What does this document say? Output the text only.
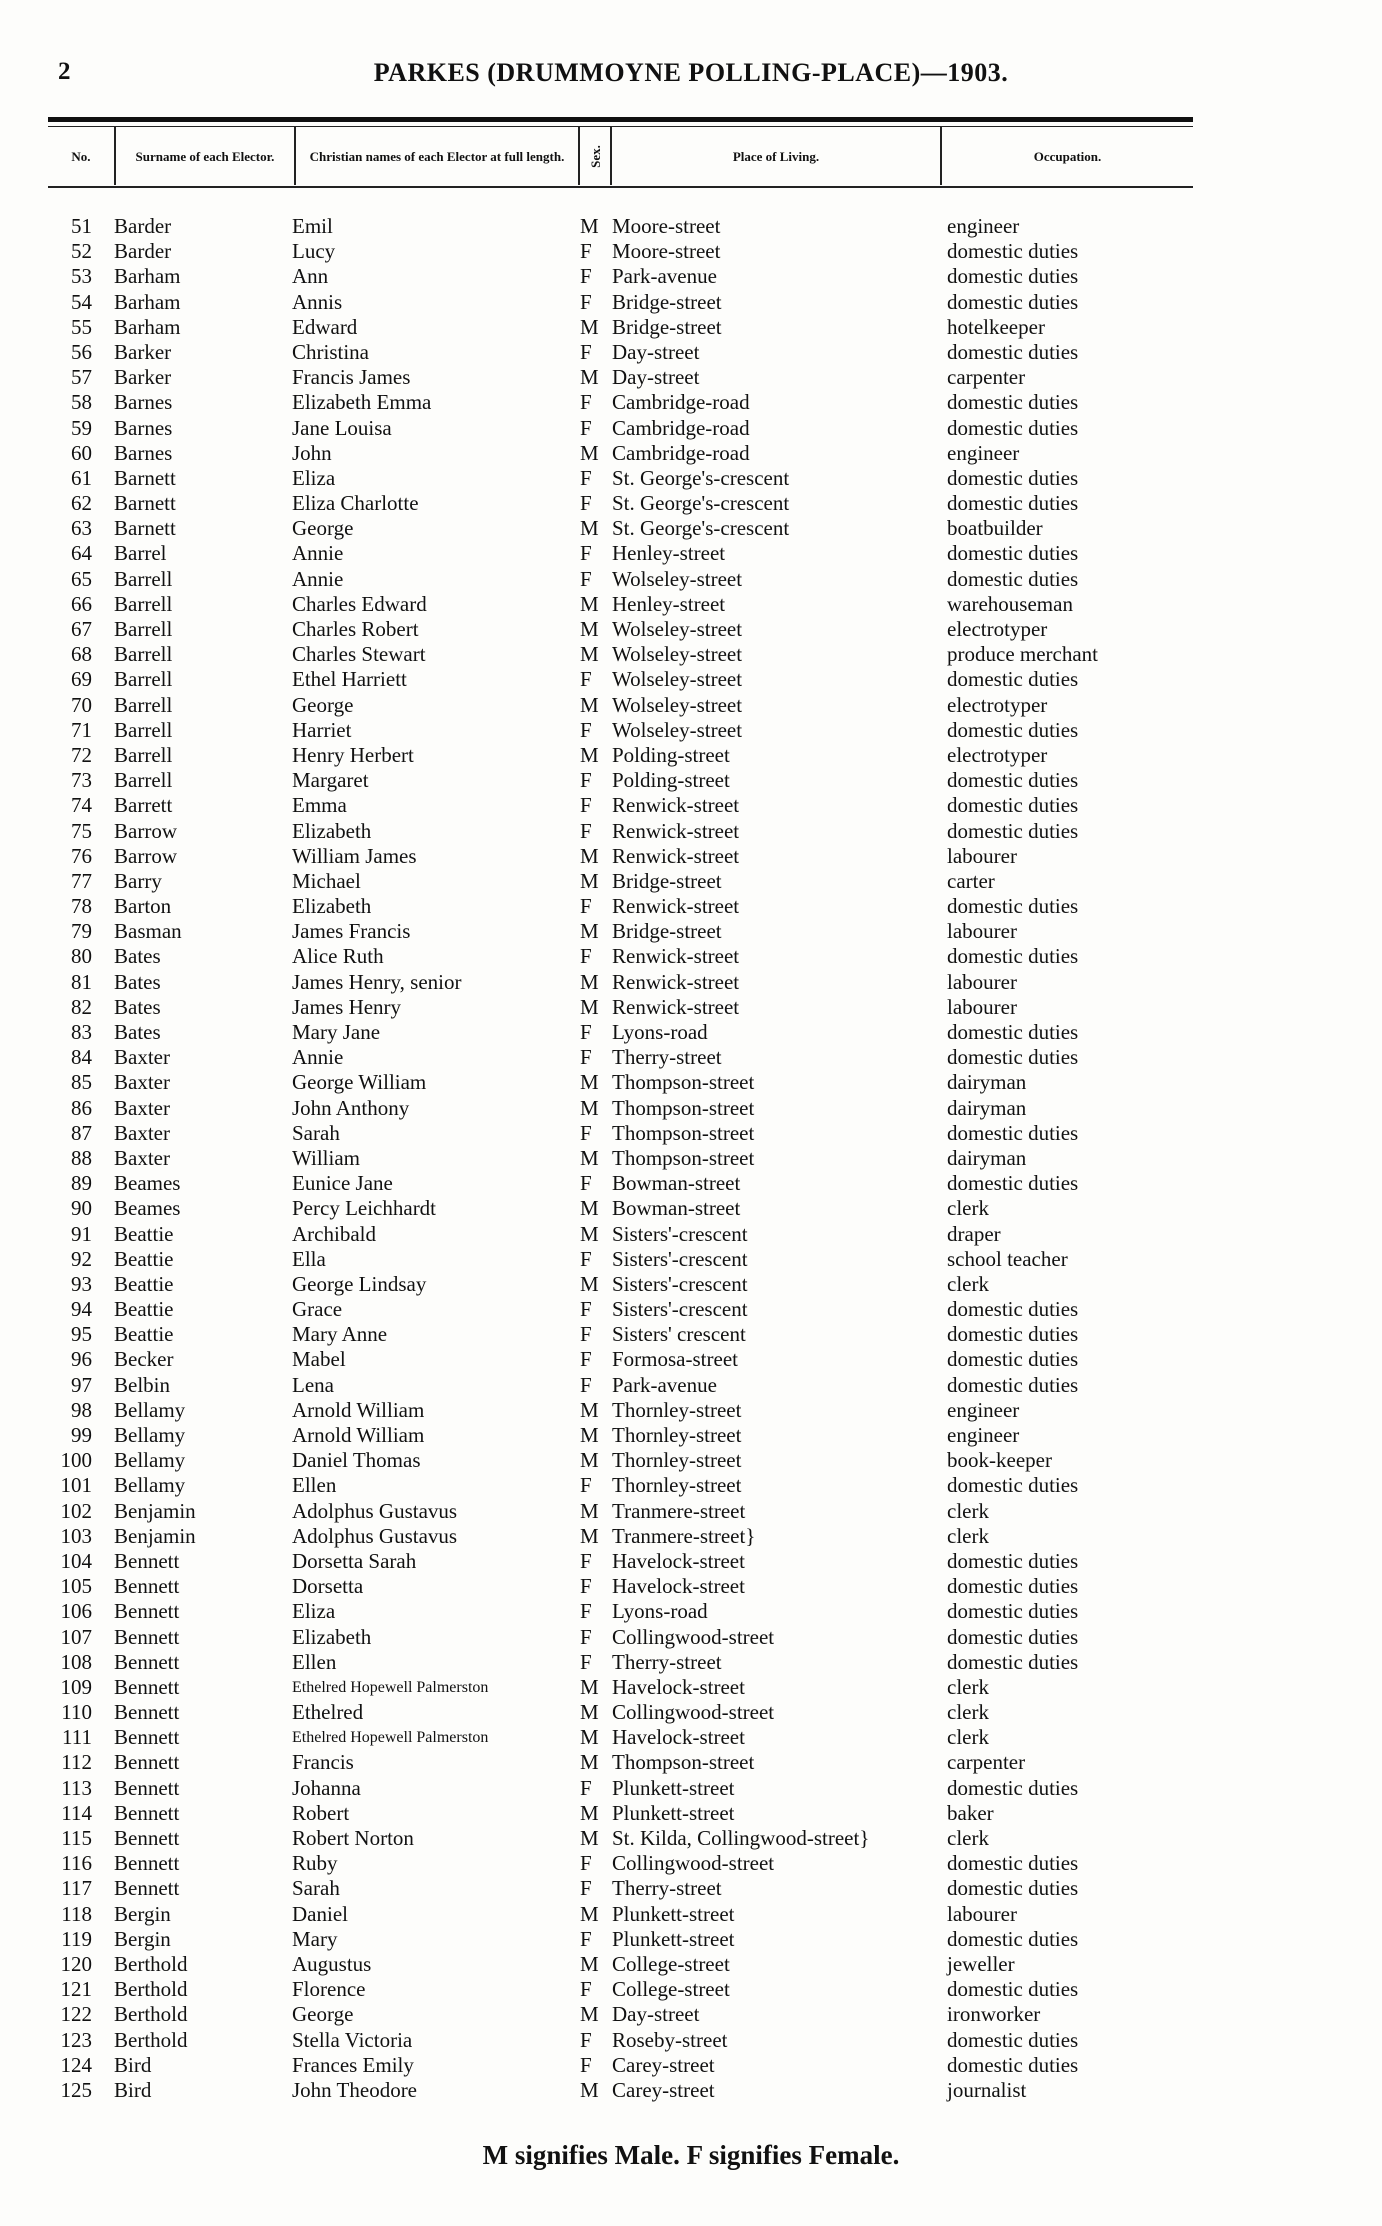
2	PARKES (DRUMMOYNE POLLING-PLACE)—1903.
No.	Surname of each Elector.	Christian names of each Elector at full length. Sex.	Place of Living.	Occupation.
51 Barder	Emil	M Moore-street	engineer
52 Barder	Lucy	F Moore-street	domestic duties
53 Barham	Ann	F Park-avenue	domestic duties
54 Barham	Annis	F Bridge-street	domestic duties
55 Barham	Edward	M Bridge-street	hotelkeeper
56 Barker	Christina	F Day-street	domestic duties
57 Barker	Francis James	M Day-street	carpenter
58 Barnes	Elizabeth Emma	F Cambridge-road	domestic duties
59 Barnes	Jane Louisa	F Cambridge-road	domestic duties
60 Barnes	John	M Cambridge-road	engineer
61 Barnett	Eliza	F St. George's-crescent	domestic duties
62 Barnett	Eliza Charlotte	F St. George's-crescent	domestic duties
63 Barnett	George	M St. George's-crescent	boatbuilder
64 Barrel	Annie	F Henley-street	domestic duties
65 Barrell	Annie	F Wolseley-street	domestic duties
66 Barrell	Charles Edward	M Henley-street	warehouseman
67 Barrell	Charles Robert	M Wolseley-street	electrotyper
68 Barrell	Charles Stewart	M Wolseley-street	produce merchant
69 Barrell	Ethel Harriett	F Wolseley-street	domestic duties
70 Barrell	George	M Wolseley-street	electrotyper
71 Barrell	Harriet	F Wolseley-street	domestic duties
72 Barrell	Henry Herbert	M Polding-street	electrotyper
73 Barrell	Margaret	F Polding-street	domestic duties
74 Barrett	Emma	F Renwick-street	domestic duties
75 Barrow	Elizabeth	F Renwick-street	domestic duties
76 Barrow	William James	M Renwick-street	labourer
77 Barry	Michael	M Bridge-street	carter
78 Barton	Elizabeth	F Renwick-street	domestic duties
79 Basman	James Francis	M Bridge-street	labourer
80 Bates	Alice Ruth	F Renwick-street	domestic duties
81 Bates	James Henry, senior	M Renwick-street	labourer
82 Bates	James Henry	M Renwick-street	labourer
83 Bates	Mary Jane	F Lyons-road	domestic duties
84 Baxter	Annie	F Therry-street	domestic duties
85 Baxter	George William	M Thompson-street	dairyman
86 Baxter	John Anthony	M Thompson-street	dairyman
87 Baxter	Sarah	F Thompson-street	domestic duties
88 Baxter	William	M Thompson-street	dairyman
89 Beames	Eunice Jane	F Bowman-street	domestic duties
90 Beames	Percy Leichhardt	M Bowman-street	clerk
91 Beattie	Archibald	M Sisters'-crescent	draper
92 Beattie	Ella	F Sisters'-crescent	school teacher
93 Beattie	George Lindsay	M Sisters'-crescent	clerk
94 Beattie	Grace	F Sisters'-crescent	domestic duties
95 Beattie	Mary Anne	F Sisters' crescent	domestic duties
96 Becker	Mabel	F Formosa-street	domestic duties
97 Belbin	Lena	F Park-avenue	domestic duties
98 Bellamy	Arnold William	M Thornley-street	engineer
99 Bellamy	Arnold William	M Thornley-street	engineer
100 Bellamy	Daniel Thomas	M Thornley-street	book-keeper
101 Bellamy	Ellen	F Thornley-street	domestic duties
102 Benjamin	Adolphus Gustavus	M Tranmere-street	clerk
103 Benjamin	Adolphus Gustavus	M Tranmere-street}	clerk
104 Bennett	Dorsetta Sarah	F Havelock-street	domestic duties
105 Bennett	Dorsetta	F Havelock-street	domestic duties
106 Bennett	Eliza	F Lyons-road	domestic duties
107 Bennett	Elizabeth	F Collingwood-street	domestic duties
108 Bennett	Ellen	F Therry-street	domestic duties
109 Bennett	Ethelred Hopewell Palmerston	M Havelock-street	clerk
110 Bennett	Ethelred	M Collingwood-street	clerk
111 Bennett	Ethelred Hopewell Palmerston	M Havelock-street	clerk
112 Bennett	Francis	M Thompson-street	carpenter
113 Bennett	Johanna	F Plunkett-street	domestic duties
114 Bennett	Robert	M Plunkett-street	baker
115 Bennett	Robert Norton	M St. Kilda, Collingwood-street}	clerk
116 Bennett	Ruby	F Collingwood-street	domestic duties
117 Bennett	Sarah	F Therry-street	domestic duties
118 Bergin	Daniel	M Plunkett-street	labourer
119 Bergin	Mary	F Plunkett-street	domestic duties
120 Berthold	Augustus	M College-street	jeweller
121 Berthold	Florence	F College-street	domestic duties
122 Berthold	George	M Day-street	ironworker
123 Berthold	Stella Victoria	F Roseby-street	domestic duties
124 Bird	Frances Emily	F Carey-street	domestic duties
125 Bird	John Theodore	M Carey-street	journalist
M signifies Male. F signifies Female.
